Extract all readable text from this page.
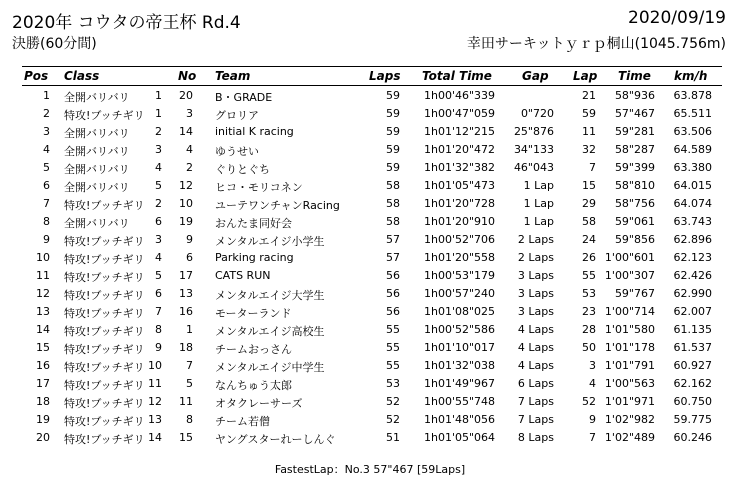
2020年 コウタの帝王杯 Rd.4	2020/09/19
決勝(60分間)	幸田サーキットｙｒｐ桐山(1045.756m)
Pos Class	No Team	Laps Total Time	Gap Lap Time km/h
1 全開バリバリ 1 20 B・GRADE	59 1h00'46"339	21 58"936 63.878
2 特攻!ブッチギリ 1 3 グロリア	59 1h00'47"059 0"720	59 57"467 65.511
3 全開バリバリ 2 14 initial K racing	59 1h01'12"215 25"876	11 59"281 63.506
4 全開バリバリ 3 4 ゆうせい	59 1h01'20"472 34"133	32 58"287 64.589
5 全開バリバリ 4 2 ぐりとぐち	59 1h01'32"382 46"043	7 59"399 63.380
6 全開バリバリ 5 12 ヒコ・モリコネン	58 1h01'05"473	1 Lap	15 58"810 64.015
7 特攻!ブッチギリ 2 10 ユーテワンチャンRacing	58 1h01'20"728	1 Lap	29 58"756 64.074
8 全開バリバリ 6 19 おんたま同好会	58 1h01'20"910	1 Lap	58 59"061 63.743
9 特攻!ブッチギリ 3 9 メンタルエイジ小学生	57 1h00'52"706 2 Laps	24 59"856 62.896
10 特攻!ブッチギリ 4 6 Parking racing	57 1h01'20"558 2 Laps	26 1'00"601 62.123
11 特攻!ブッチギリ 5 17 CATS RUN	56 1h00'53"179 3 Laps	55 1'00"307 62.426
12 特攻!ブッチギリ 6 13 メンタルエイジ大学生	56 1h00'57"240 3 Laps	53 59"767 62.990
13 特攻!ブッチギリ 7 16 モーターランド	56 1h01'08"025 3 Laps	23 1'00"714 62.007
14 特攻!ブッチギリ 8 1 メンタルエイジ高校生	55 1h00'52"586 4 Laps	28 1'01"580 61.135
15 特攻!ブッチギリ 9 18 チームおっさん	55 1h01'10"017 4 Laps	50 1'01"178 61.537
16 特攻!ブッチギリ 10 7 メンタルエイジ中学生	55 1h01'32"038 4 Laps	3 1'01"791 60.927
17 特攻!ブッチギリ 11 5 なんちゅう太郎	53 1h01'49"967 6 Laps	4 1'00"563 62.162
18 特攻!ブッチギリ 12 11 オタクレーサーズ	52 1h00'55"748 7 Laps	52 1'01"971 60.750
19 特攻!ブッチギリ 13 8 チーム若僧	52 1h01'48"056 7 Laps	9 1'02"982 59.775
20 特攻!ブッチギリ 14 15 ヤングスターれーしんぐ	51 1h01'05"064 8 Laps	7 1'02"489 60.246
FastestLap：No.3 57"467 [59Laps]
